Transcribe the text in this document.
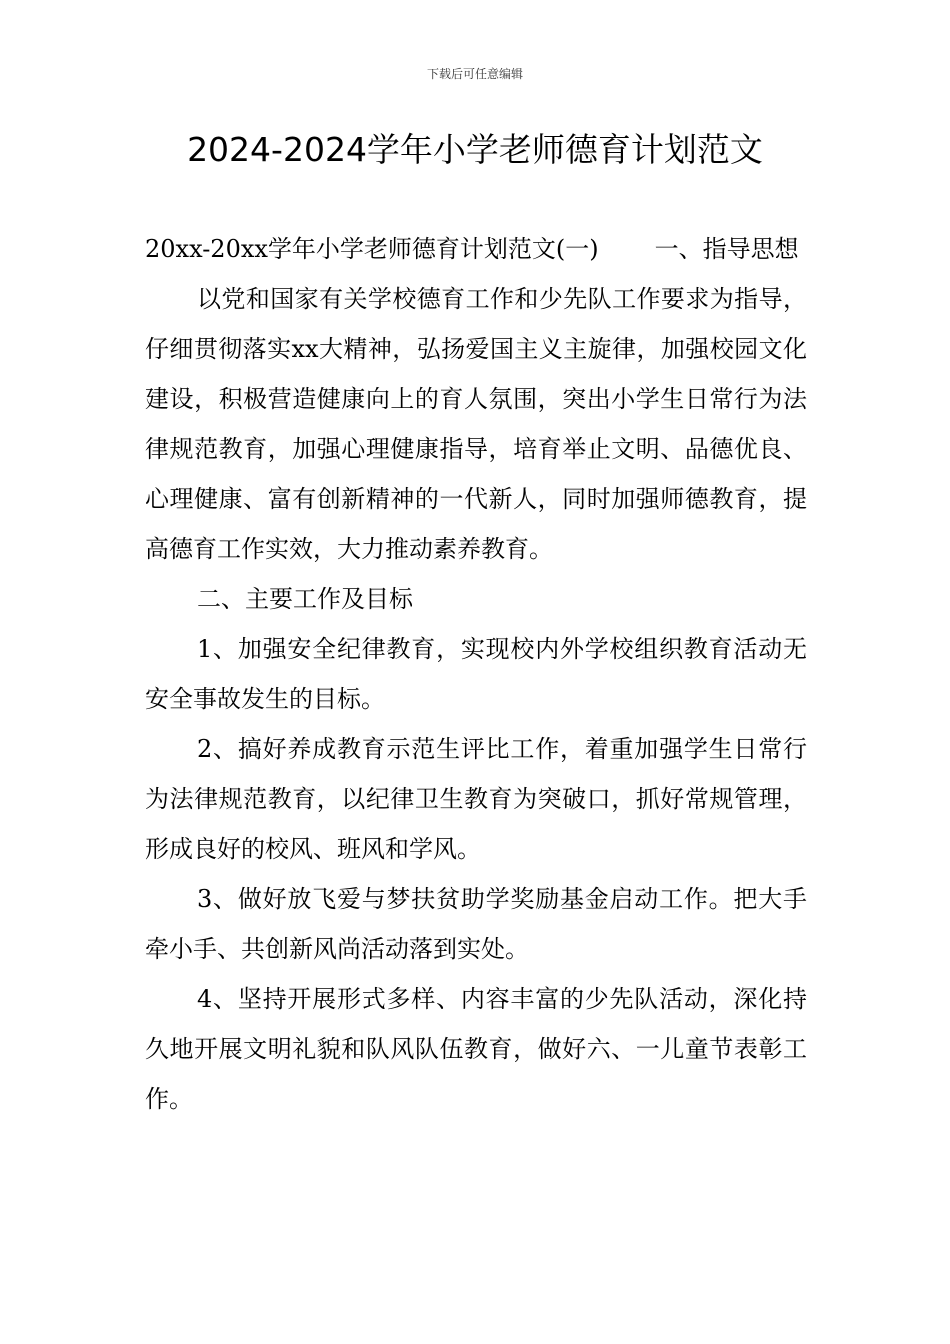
下载后可任意编辑
2024-2024学年小学老师德育计划范文

20xx-20xx学年小学老师德育计划范文(一) 一、指导思想

以党和国家有关学校德育工作和少先队工作要求为指导，仔细贯彻落实xx大精神，弘扬爱国主义主旋律，加强校园文化建设，积极营造健康向上的育人氛围，突出小学生日常行为法律规范教育，加强心理健康指导，培育举止文明、品德优良、心理健康、富有创新精神的一代新人，同时加强师德教育，提高德育工作实效，大力推动素养教育。

二、主要工作及目标

1、加强安全纪律教育，实现校内外学校组织教育活动无安全事故发生的目标。

2、搞好养成教育示范生评比工作，着重加强学生日常行为法律规范教育，以纪律卫生教育为突破口，抓好常规管理，形成良好的校风、班风和学风。

3、做好放飞爱与梦扶贫助学奖励基金启动工作。把大手牵小手、共创新风尚活动落到实处。

4、坚持开展形式多样、内容丰富的少先队活动，深化持久地开展文明礼貌和队风队伍教育，做好六、一儿童节表彰工作。
